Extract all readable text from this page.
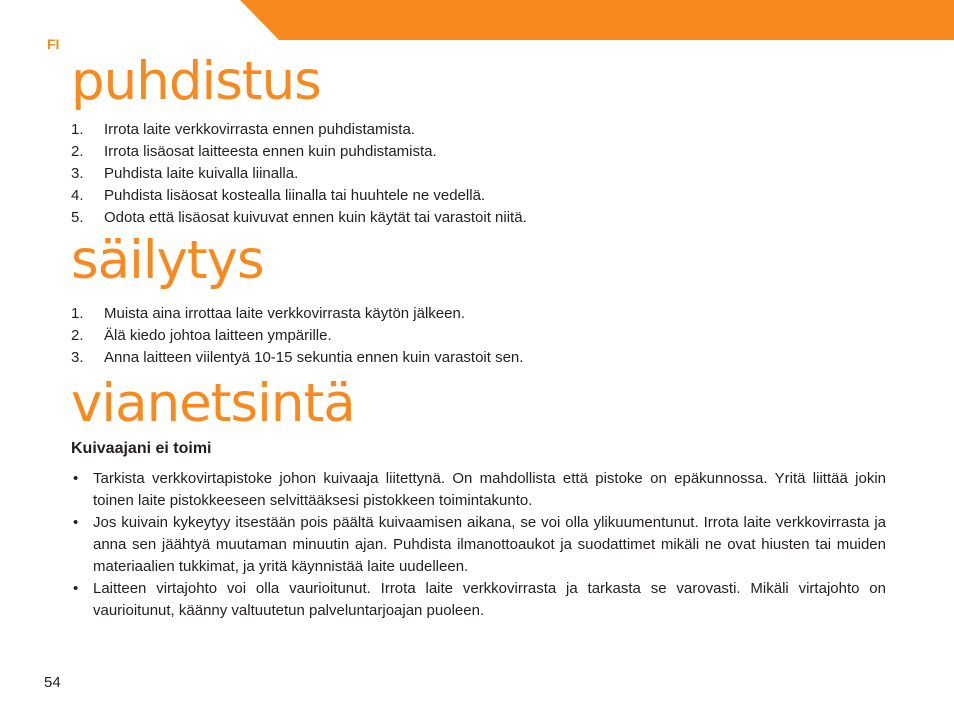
FI
puhdistus
1. Irrota laite verkkovirrasta ennen puhdistamista.
2. Irrota lisäosat laitteesta ennen kuin puhdistamista.
3. Puhdista laite kuivalla liinalla.
4. Puhdista lisäosat kostealla liinalla tai huuhtele ne vedellä.
5. Odota että lisäosat kuivuvat ennen kuin käytät tai varastoit niitä.
säilytys
1. Muista aina irrottaa laite verkkovirrasta käytön jälkeen.
2. Älä kiedo johtoa laitteen ympärille.
3. Anna laitteen viilentyä 10-15 sekuntia ennen kuin varastoit sen.
vianetsintä
Kuivaajani ei toimi
• Tarkista verkkovirtapistoke johon kuivaaja liitettynä. On mahdollista että pistoke on epäkunnossa. Yritä liittää jokin toinen laite pistokkeeseen selvittääksesi pistokkeen toimintakunto.
• Jos kuivain kykeytyy itsestään pois päältä kuivaamisen aikana, se voi olla ylikuumentunut. Irrota laite verkkovirrasta ja anna sen jäähtyä muutaman minuutin ajan. Puhdista ilmanottoaukot ja suodattimet mikäli ne ovat hiusten tai muiden materiaalien tukkimat, ja yritä käynnistää laite uudelleen.
• Laitteen virtajohto voi olla vaurioitunut. Irrota laite verkkovirrasta ja tarkasta se varovasti. Mikäli virtajohto on vaurioitunut, käänny valtuutetun palveluntarjoajan puoleen.
54
